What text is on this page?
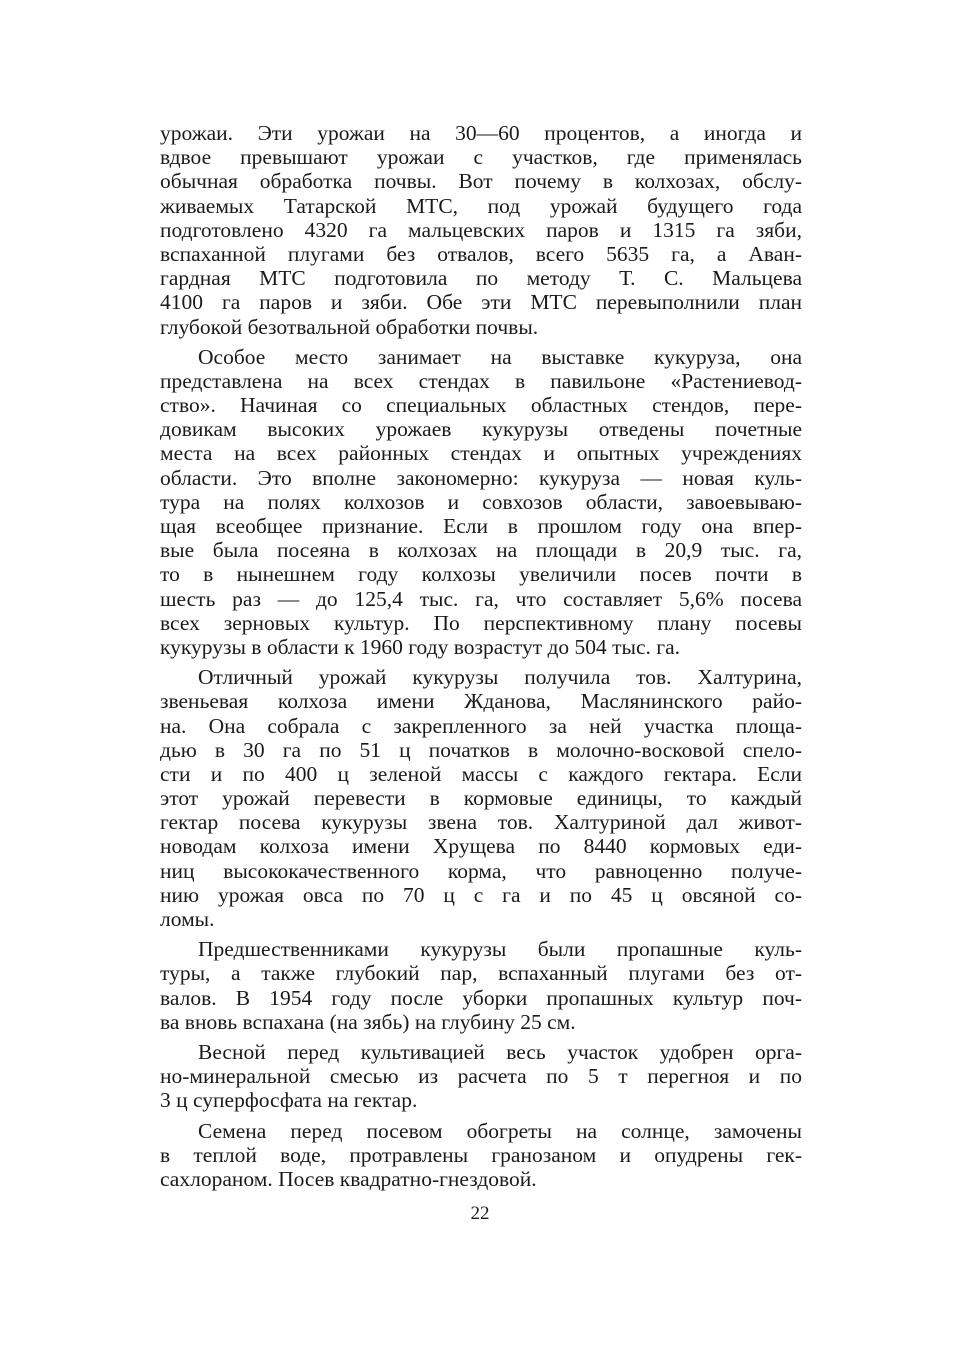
урожаи. Эти урожаи на 30—60 процентов, а иногда и
вдвое превышают урожаи с участков, где применялась
обычная обработка почвы. Вот почему в колхозах, обслу-
живаемых Татарской МТС, под урожай будущего года
подготовлено 4320 га мальцевских паров и 1315 га зяби,
вспаханной плугами без отвалов, всего 5635 га, а Аван-
гардная МТС подготовила по методу Т. С. Мальцева
4100 га паров и зяби. Обе эти МТС перевыполнили план
глубокой безотвальной обработки почвы.
Особое место занимает на выставке кукуруза, она
представлена на всех стендах в павильоне «Растениевод-
ство». Начиная со специальных областных стендов, пере-
довикам высоких урожаев кукурузы отведены почетные
места на всех районных стендах и опытных учреждениях
области. Это вполне закономерно: кукуруза — новая куль-
тура на полях колхозов и совхозов области, завоевываю-
щая всеобщее признание. Если в прошлом году она впер-
вые была посеяна в колхозах на площади в 20,9 тыс. га,
то в нынешнем году колхозы увеличили посев почти в
шесть раз — до 125,4 тыс. га, что составляет 5,6% посева
всех зерновых культур. По перспективному плану посевы
кукурузы в области к 1960 году возрастут до 504 тыс. га.
Отличный урожай кукурузы получила тов. Халтурина,
звеньевая колхоза имени Жданова, Маслянинского райо-
на. Она собрала с закрепленного за ней участка площа-
дью в 30 га по 51 ц початков в молочно-восковой спело-
сти и по 400 ц зеленой массы с каждого гектара. Если
этот урожай перевести в кормовые единицы, то каждый
гектар посева кукурузы звена тов. Халтуриной дал живот-
новодам колхоза имени Хрущева по 8440 кормовых еди-
ниц высококачественного корма, что равноценно получе-
нию урожая овса по 70 ц с га и по 45 ц овсяной со-
ломы.
Предшественниками кукурузы были пропашные куль-
туры, а также глубокий пар, вспаханный плугами без от-
валов. В 1954 году после уборки пропашных культур поч-
ва вновь вспахана (на зябь) на глубину 25 см.
Весной перед культивацией весь участок удобрен орга-
но-минеральной смесью из расчета по 5 т перегноя и по
3 ц суперфосфата на гектар.
Семена перед посевом обогреты на солнце, замочены
в теплой воде, протравлены гранозаном и опудрены гек-
сахлораном. Посев квадратно-гнездовой.
22
